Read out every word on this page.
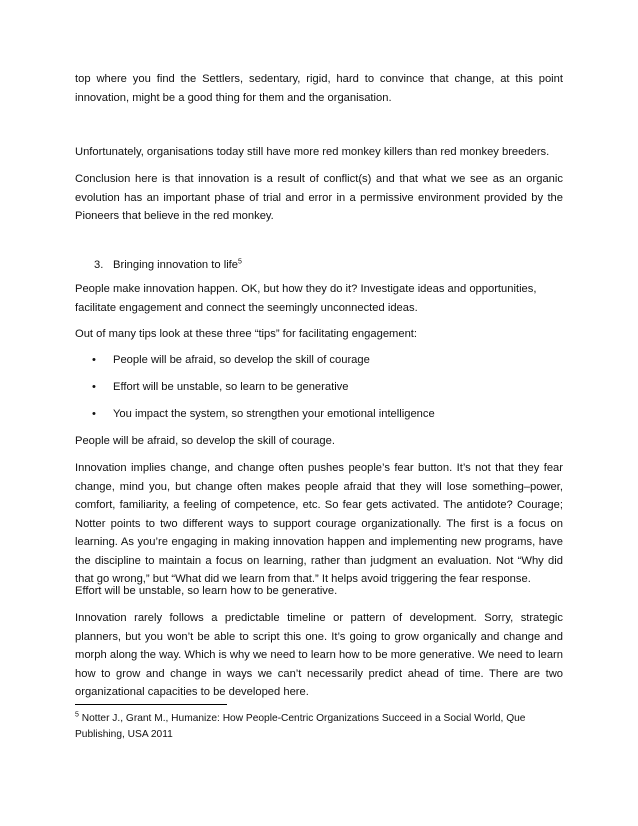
top where you find the Settlers, sedentary, rigid, hard to convince that change, at this point innovation, might be a good thing for them and the organisation.

Unfortunately, organisations today still have more red monkey killers than red monkey breeders.

Conclusion here is that innovation is a result of conflict(s) and that what we see as an organic evolution has an important phase of trial and error in a permissive environment provided by the Pioneers that believe in the red monkey.

3. Bringing innovation to life$^5$

People make innovation happen. OK, but how they do it? Investigate ideas and opportunities, facilitate engagement and connect the seemingly unconnected ideas.

Out of many tips look at these three “tips” for facilitating engagement:

• People will be afraid, so develop the skill of courage
• Effort will be unstable, so learn to be generative
• You impact the system, so strengthen your emotional intelligence

People will be afraid, so develop the skill of courage.

Innovation implies change, and change often pushes people’s fear button. It’s not that they fear change, mind you, but change often makes people afraid that they will lose something–power, comfort, familiarity, a feeling of competence, etc. So fear gets activated. The antidote? Courage; Notter points to two different ways to support courage organizationally. The first is a focus on learning. As you’re engaging in making innovation happen and implementing new programs, have the discipline to maintain a focus on learning, rather than judgment an evaluation. Not “Why did that go wrong,” but “What did we learn from that.” It helps avoid triggering the fear response.

Effort will be unstable, so learn how to be generative.

Innovation rarely follows a predictable timeline or pattern of development. Sorry, strategic planners, but you won’t be able to script this one. It’s going to grow organically and change and morph along the way. Which is why we need to learn how to be more generative. We need to learn how to grow and change in ways we can’t necessarily predict ahead of time. There are two organizational capacities to be developed here.

$^5$ Notter J., Grant M., Humanize: How People-Centric Organizations Succeed in a Social World, Que Publishing, USA 2011
